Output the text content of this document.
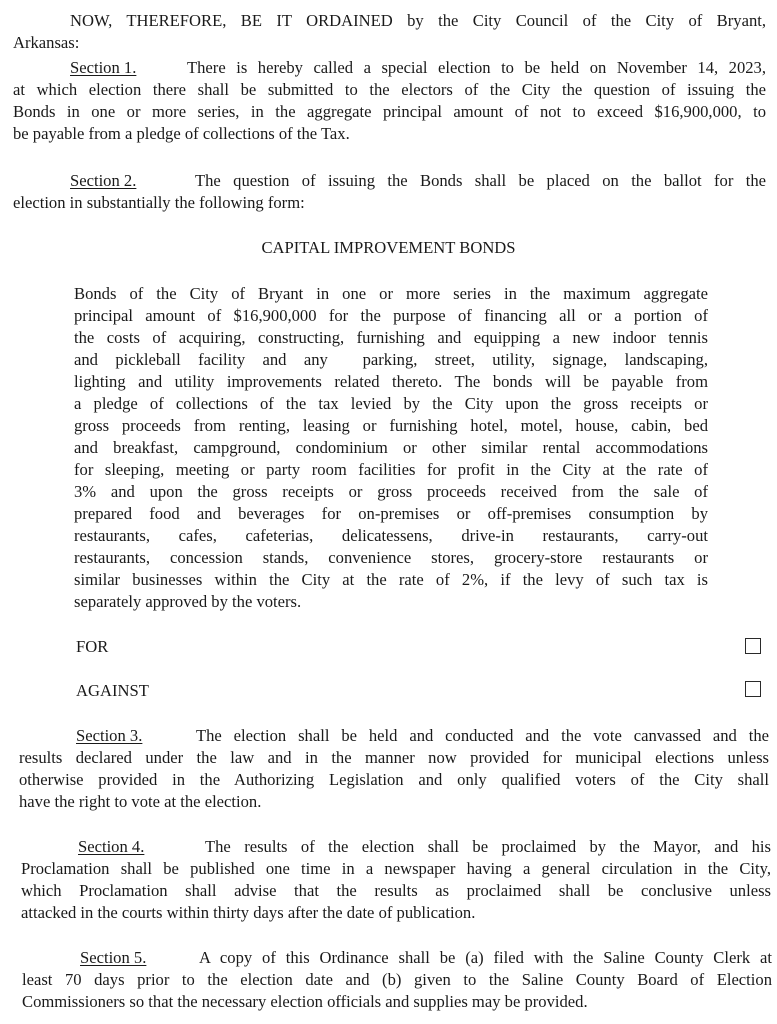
NOW, THEREFORE, BE IT ORDAINED by the City Council of the City of Bryant,
Arkansas:
Section 1.	There is hereby called a special election to be held on November 14, 2023,
at which election there shall be submitted to the electors of the City the question of issuing the
Bonds in one or more series, in the aggregate principal amount of not to exceed $16,900,000, to
be payable from a pledge of collections of the Tax.
Section 2.	The question of issuing the Bonds shall be placed on the ballot for the
election in substantially the following form:
CAPITAL IMPROVEMENT BONDS
Bonds of the City of Bryant in one or more series in the maximum aggregate
principal amount of $16,900,000 for the purpose of financing all or a portion of
the costs of acquiring, constructing, furnishing and equipping a new indoor tennis
and pickleball facility and any  parking, street, utility, signage, landscaping,
lighting and utility improvements related thereto. The bonds will be payable from
a pledge of collections of the tax levied by the City upon the gross receipts or
gross proceeds from renting, leasing or furnishing hotel, motel, house, cabin, bed
and breakfast, campground, condominium or other similar rental accommodations
for sleeping, meeting or party room facilities for profit in the City at the rate of
3% and upon the gross receipts or gross proceeds received from the sale of
prepared food and beverages for on-premises or off-premises consumption by
restaurants, cafes, cafeterias, delicatessens, drive-in restaurants, carry-out
restaurants, concession stands, convenience stores, grocery-store restaurants or
similar businesses within the City at the rate of 2%, if the levy of such tax is
separately approved by the voters.
FOR
AGAINST
Section 3.	The election shall be held and conducted and the vote canvassed and the
results declared under the law and in the manner now provided for municipal elections unless
otherwise provided in the Authorizing Legislation and only qualified voters of the City shall
have the right to vote at the election.
Section 4.	The results of the election shall be proclaimed by the Mayor, and his
Proclamation shall be published one time in a newspaper having a general circulation in the City,
which Proclamation shall advise that the results as proclaimed shall be conclusive unless
attacked in the courts within thirty days after the date of publication.
Section 5.	A copy of this Ordinance shall be (a) filed with the Saline County Clerk at
least 70 days prior to the election date and (b) given to the Saline County Board of Election
Commissioners so that the necessary election officials and supplies may be provided.
